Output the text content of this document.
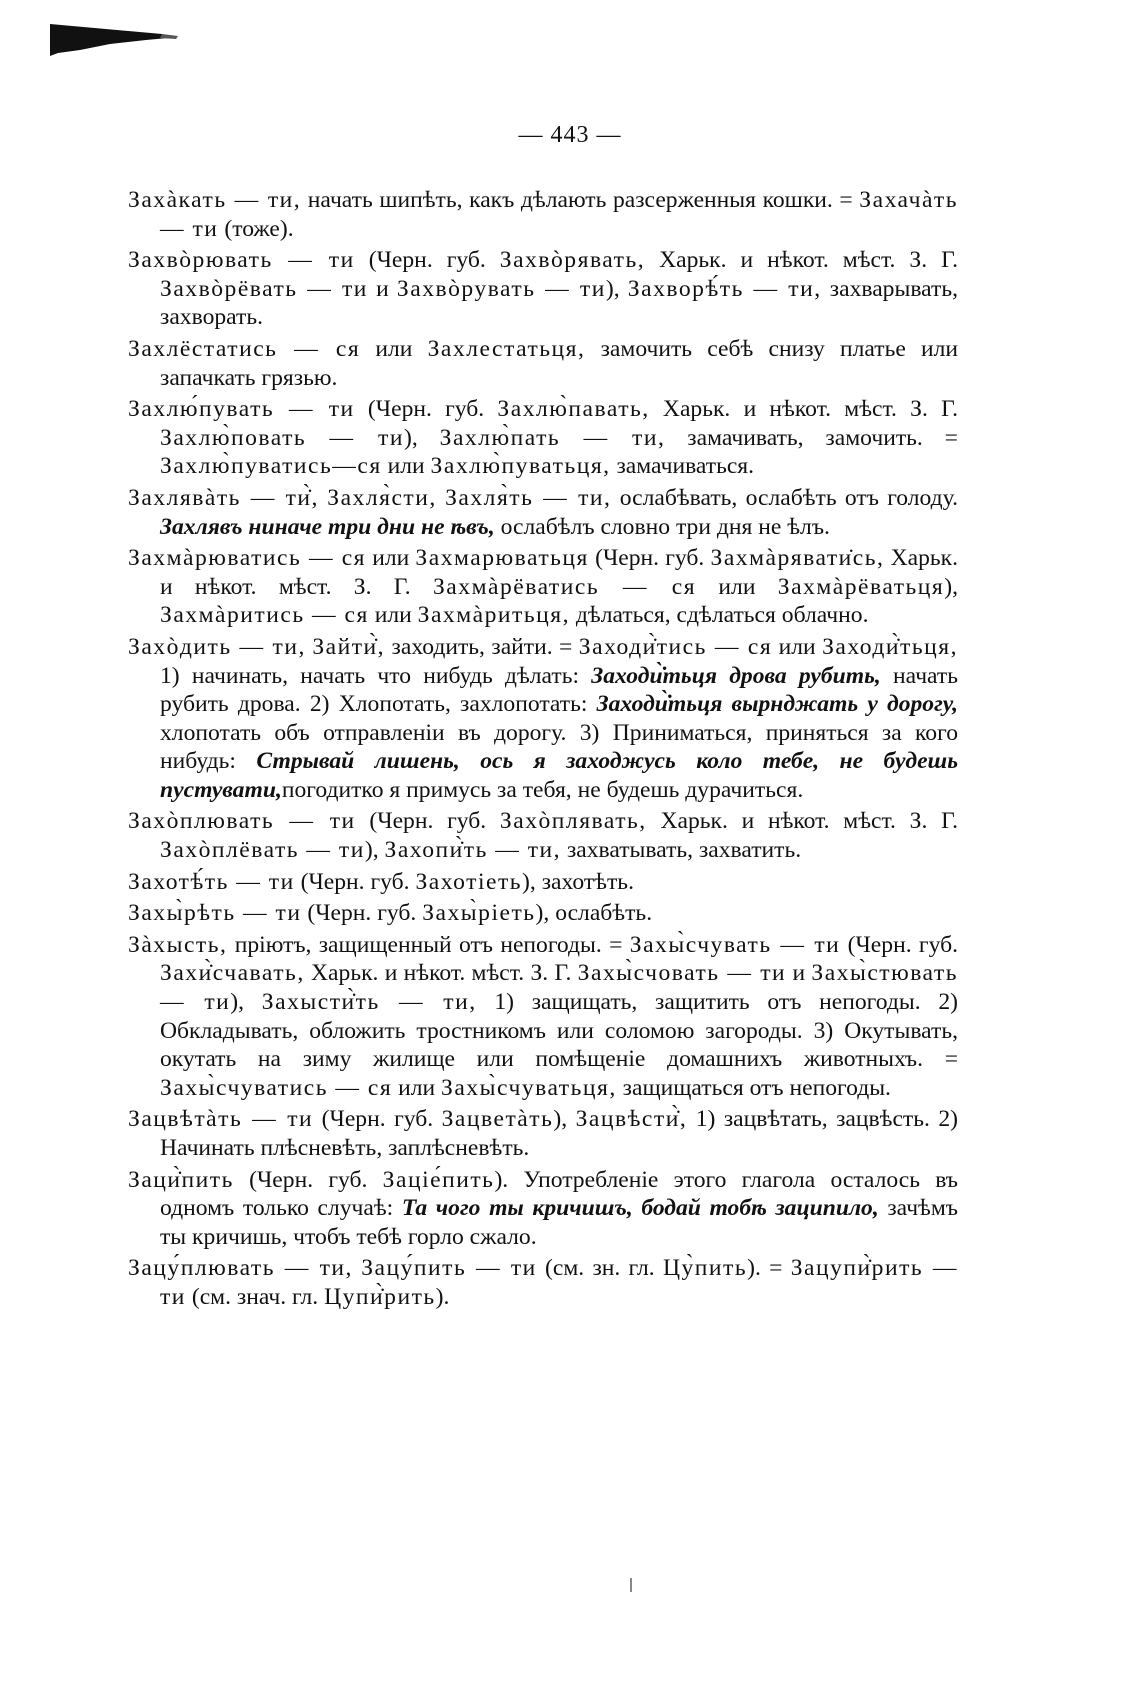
— 443 —

Захàкать — ти, начать шипѣть, какъ дѣлають разсерженныя кошки. = Захачàть — ти (тоже).

Захвòрювать — ти (Черн. губ. Захвòрявать, Харьк. и нѣкот. мѣст. З. Г. Захвòрёвать — ти и Захвòрувать — ти), Захворѣ́ть — ти, захварывать, захворать.

Захлёстатись — ся или Захлестатьця, замочить себѣ снизу платье или запачкать грязью.

Захлю́пувать — ти (Черн. губ. Захлю̀павать, Харьк. и нѣкот. мѣст. З. Г. Захлю̀повать — ти), Захлю̀пать — ти, замачивать, замочить. = Захлю̀пуватись—ся или Захлю̀пуватьця, замачиваться.

Захлявàть — ти̇̀, Захля̀сти, Захля̀ть — ти, ослабѣвать, ослабѣть отъ голоду. Захлявъ ниначе три дни не ѣвъ, ослабѣлъ словно три дня не ѣлъ.

Захмàрюватись — ся или Захмарюватьця (Черн. губ. Захмàрявати̇сь, Харьк. и нѣкот. мѣст. З. Г. Захмàрёватись — ся или Захмàрёватьця), Захмàритись — ся или Захмàритьця, дѣлаться, сдѣлаться облачно.

Захòдить — ти, Зайти̇̀, заходить, зайти. = Заходи̇̀тись — ся или Заходи̇̀тьця, 1) начинать, начать что нибудь дѣлать: Заходи̇̀тьця дрова рубить, начать рубить дрова. 2) Хлопотать, захлопотать: Заходи̇̀тьця вырнджать у дорогу, хлопотать объ отправленіи въ дорогу. 3) Приниматься, приняться за кого нибудь: Стрывай лишень, ось я заходжусь коло тебе, не будешь пустувати,погодитко я примусь за тебя, не будешь дурачиться.

Захòплювать — ти (Черн. губ. Захòплявать, Харьк. и нѣкот. мѣст. З. Г. Захòплёвать — ти), Захопи̇̀ть — ти, захватывать, захватить.

Захотѣ́ть — ти (Черн. губ. Захотіеть), захотѣть.

Захы̀рѣть — ти (Черн. губ. Захы̀ріеть), ослабѣть.

Зàхысть, пріютъ, защищенный отъ непогоды. = Захы̀счувать — ти (Черн. губ. Захи̇̀счавать, Харьк. и нѣкот. мѣст. З. Г. Захы̀счовать — ти и Захы̀стювать — ти), Захысти̇̀ть — ти, 1) защищать, защитить отъ непогоды. 2) Обкладывать, обложить тростникомъ или соломою загороды. 3) Окутывать, окутать на зиму жилище или помѣщеніе домашнихъ животныхъ. = Захы̀счуватись — ся или Захы̀счуватьця, защищаться отъ непогоды.

Зацвѣтàть — ти (Черн. губ. Зацветàть), Зацвѣсти̇̀, 1) зацвѣтать, зацвѣсть. 2) Начинать плѣсневѣть, заплѣсневѣть.

Заци̇̀пить (Черн. губ. Заціе́пить). Употребленіе этого глагола осталось въ одномъ только случаѣ: Та чого ты кричишъ, бодай тобѣ заципило, зачѣмъ ты кричишь, чтобъ тебѣ горло сжало.

Зацу́плювать — ти, Зацу́пить — ти (см. зн. гл. Цу̀пить). = Зацупи̇̀рить — ти (см. знач. гл. Цупи̇̀рить).
